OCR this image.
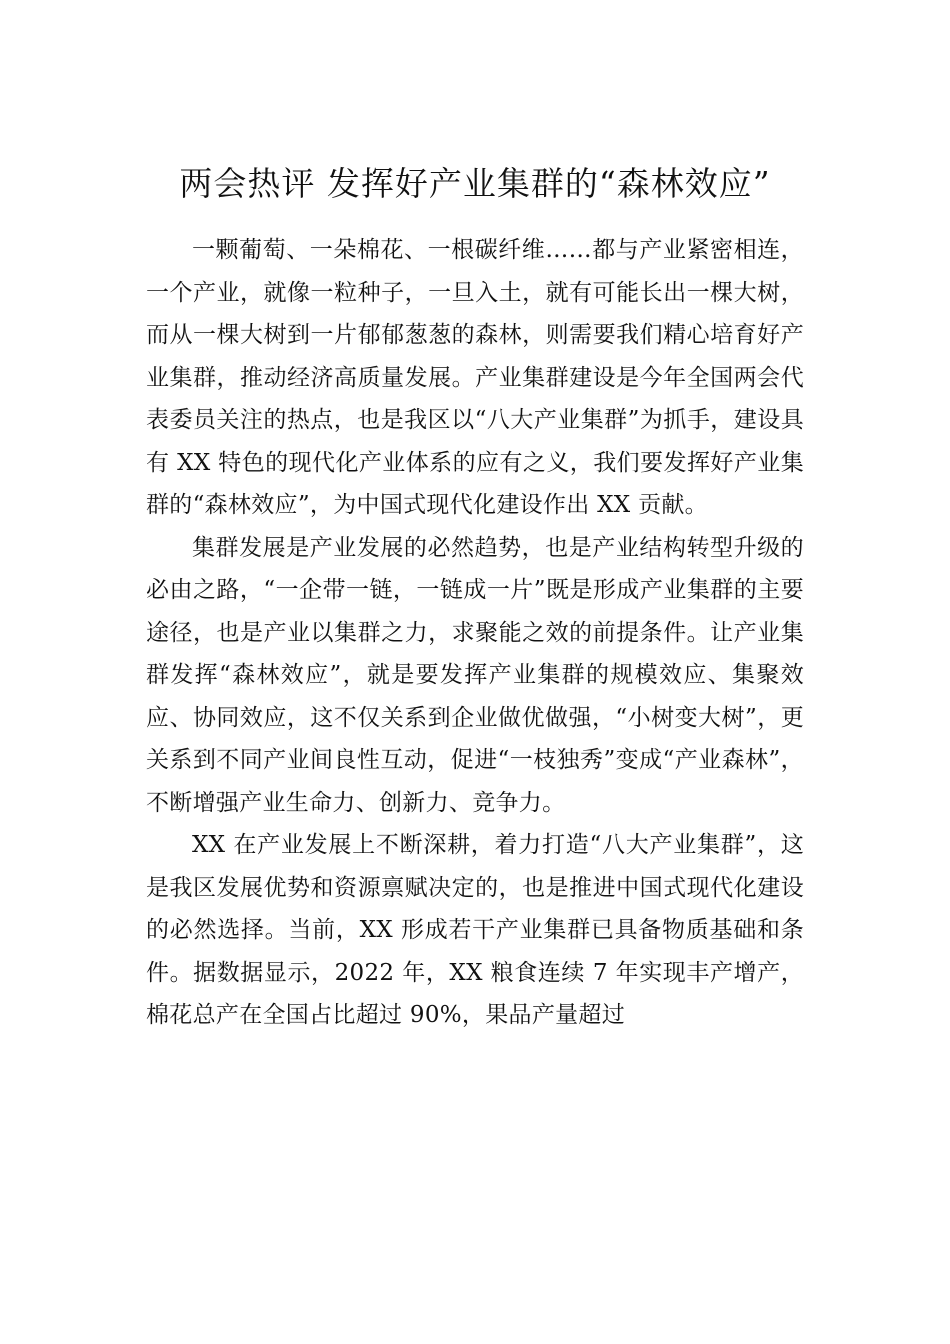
两会热评 发挥好产业集群的“森林效应”

一颗葡萄、一朵棉花、一根碳纤维……都与产业紧密相连，一个产业，就像一粒种子，一旦入土，就有可能长出一棵大树，而从一棵大树到一片郁郁葱葱的森林，则需要我们精心培育好产业集群，推动经济高质量发展。产业集群建设是今年全国两会代表委员关注的热点，也是我区以“八大产业集群”为抓手，建设具有 XX 特色的现代化产业体系的应有之义，我们要发挥好产业集群的“森林效应”，为中国式现代化建设作出 XX 贡献。

集群发展是产业发展的必然趋势，也是产业结构转型升级的必由之路，“一企带一链，一链成一片”既是形成产业集群的主要途径，也是产业以集群之力，求聚能之效的前提条件。让产业集群发挥“森林效应”，就是要发挥产业集群的规模效应、集聚效应、协同效应，这不仅关系到企业做优做强，“小树变大树”，更关系到不同产业间良性互动，促进“一枝独秀”变成“产业森林”，不断增强产业生命力、创新力、竞争力。

XX 在产业发展上不断深耕，着力打造“八大产业集群”，这是我区发展优势和资源禀赋决定的，也是推进中国式现代化建设的必然选择。当前，XX 形成若干产业集群已具备物质基础和条件。据数据显示，2022 年，XX 粮食连续 7 年实现丰产增产，棉花总产在全国占比超过 90%，果品产量超过
